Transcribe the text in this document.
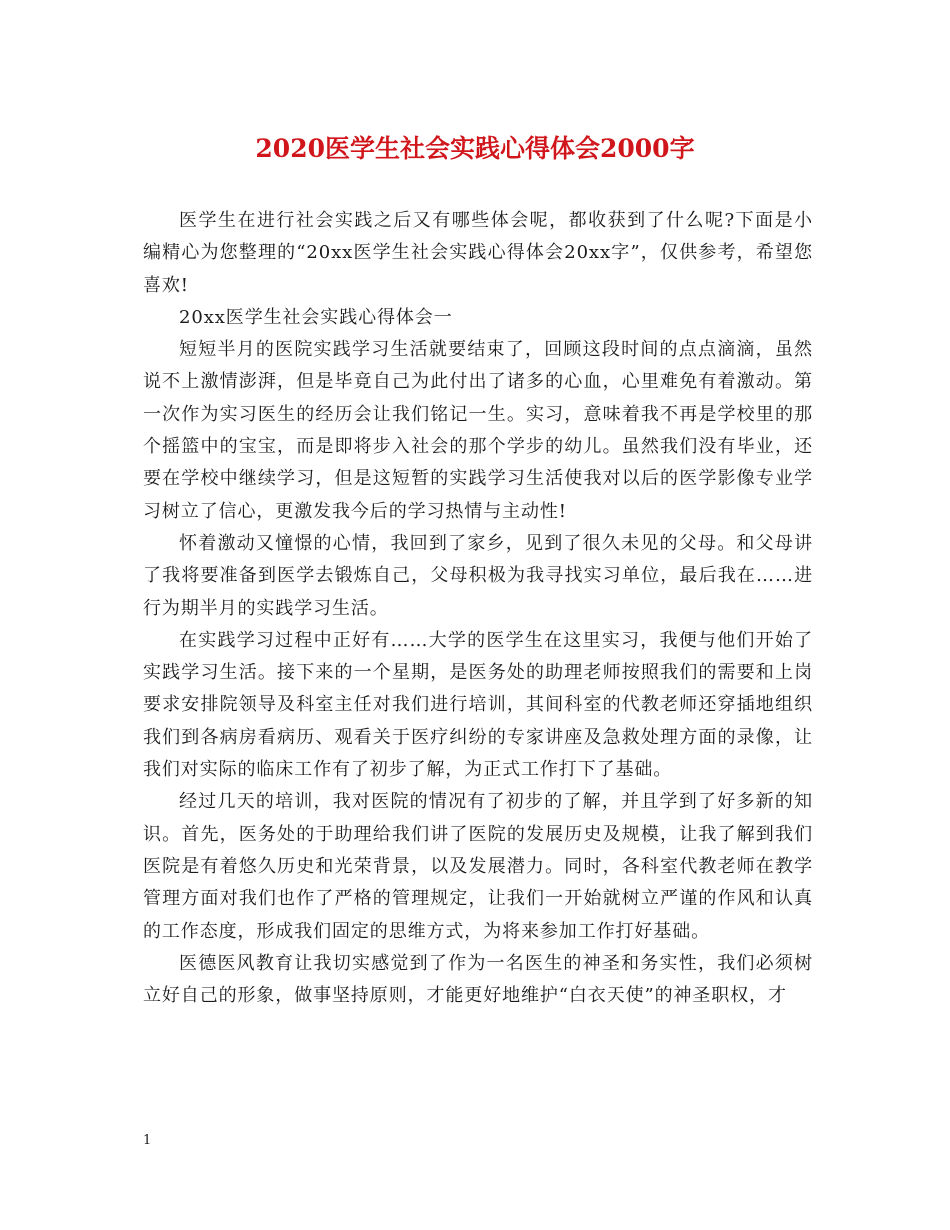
2020医学生社会实践心得体会2000字

医学生在进行社会实践之后又有哪些体会呢，都收获到了什么呢?下面是小编精心为您整理的“20xx医学生社会实践心得体会20xx字”，仅供参考，希望您喜欢!

20xx医学生社会实践心得体会一

短短半月的医院实践学习生活就要结束了，回顾这段时间的点点滴滴，虽然说不上激情澎湃，但是毕竟自己为此付出了诸多的心血，心里难免有着激动。第一次作为实习医生的经历会让我们铭记一生。实习，意味着我不再是学校里的那个摇篮中的宝宝，而是即将步入社会的那个学步的幼儿。虽然我们没有毕业，还要在学校中继续学习，但是这短暂的实践学习生活使我对以后的医学影像专业学习树立了信心，更激发我今后的学习热情与主动性!

怀着激动又憧憬的心情，我回到了家乡，见到了很久未见的父母。和父母讲了我将要准备到医学去锻炼自己，父母积极为我寻找实习单位，最后我在……进行为期半月的实践学习生活。

在实践学习过程中正好有……大学的医学生在这里实习，我便与他们开始了实践学习生活。接下来的一个星期，是医务处的助理老师按照我们的需要和上岗要求安排院领导及科室主任对我们进行培训，其间科室的代教老师还穿插地组织我们到各病房看病历、观看关于医疗纠纷的专家讲座及急救处理方面的录像，让我们对实际的临床工作有了初步了解，为正式工作打下了基础。

经过几天的培训，我对医院的情况有了初步的了解，并且学到了好多新的知识。首先，医务处的于助理给我们讲了医院的发展历史及规模，让我了解到我们医院是有着悠久历史和光荣背景，以及发展潜力。同时，各科室代教老师在教学管理方面对我们也作了严格的管理规定，让我们一开始就树立严谨的作风和认真的工作态度，形成我们固定的思维方式，为将来参加工作打好基础。

医德医风教育让我切实感觉到了作为一名医生的神圣和务实性，我们必须树立好自己的形象，做事坚持原则，才能更好地维护“白衣天使”的神圣职权，才

1
